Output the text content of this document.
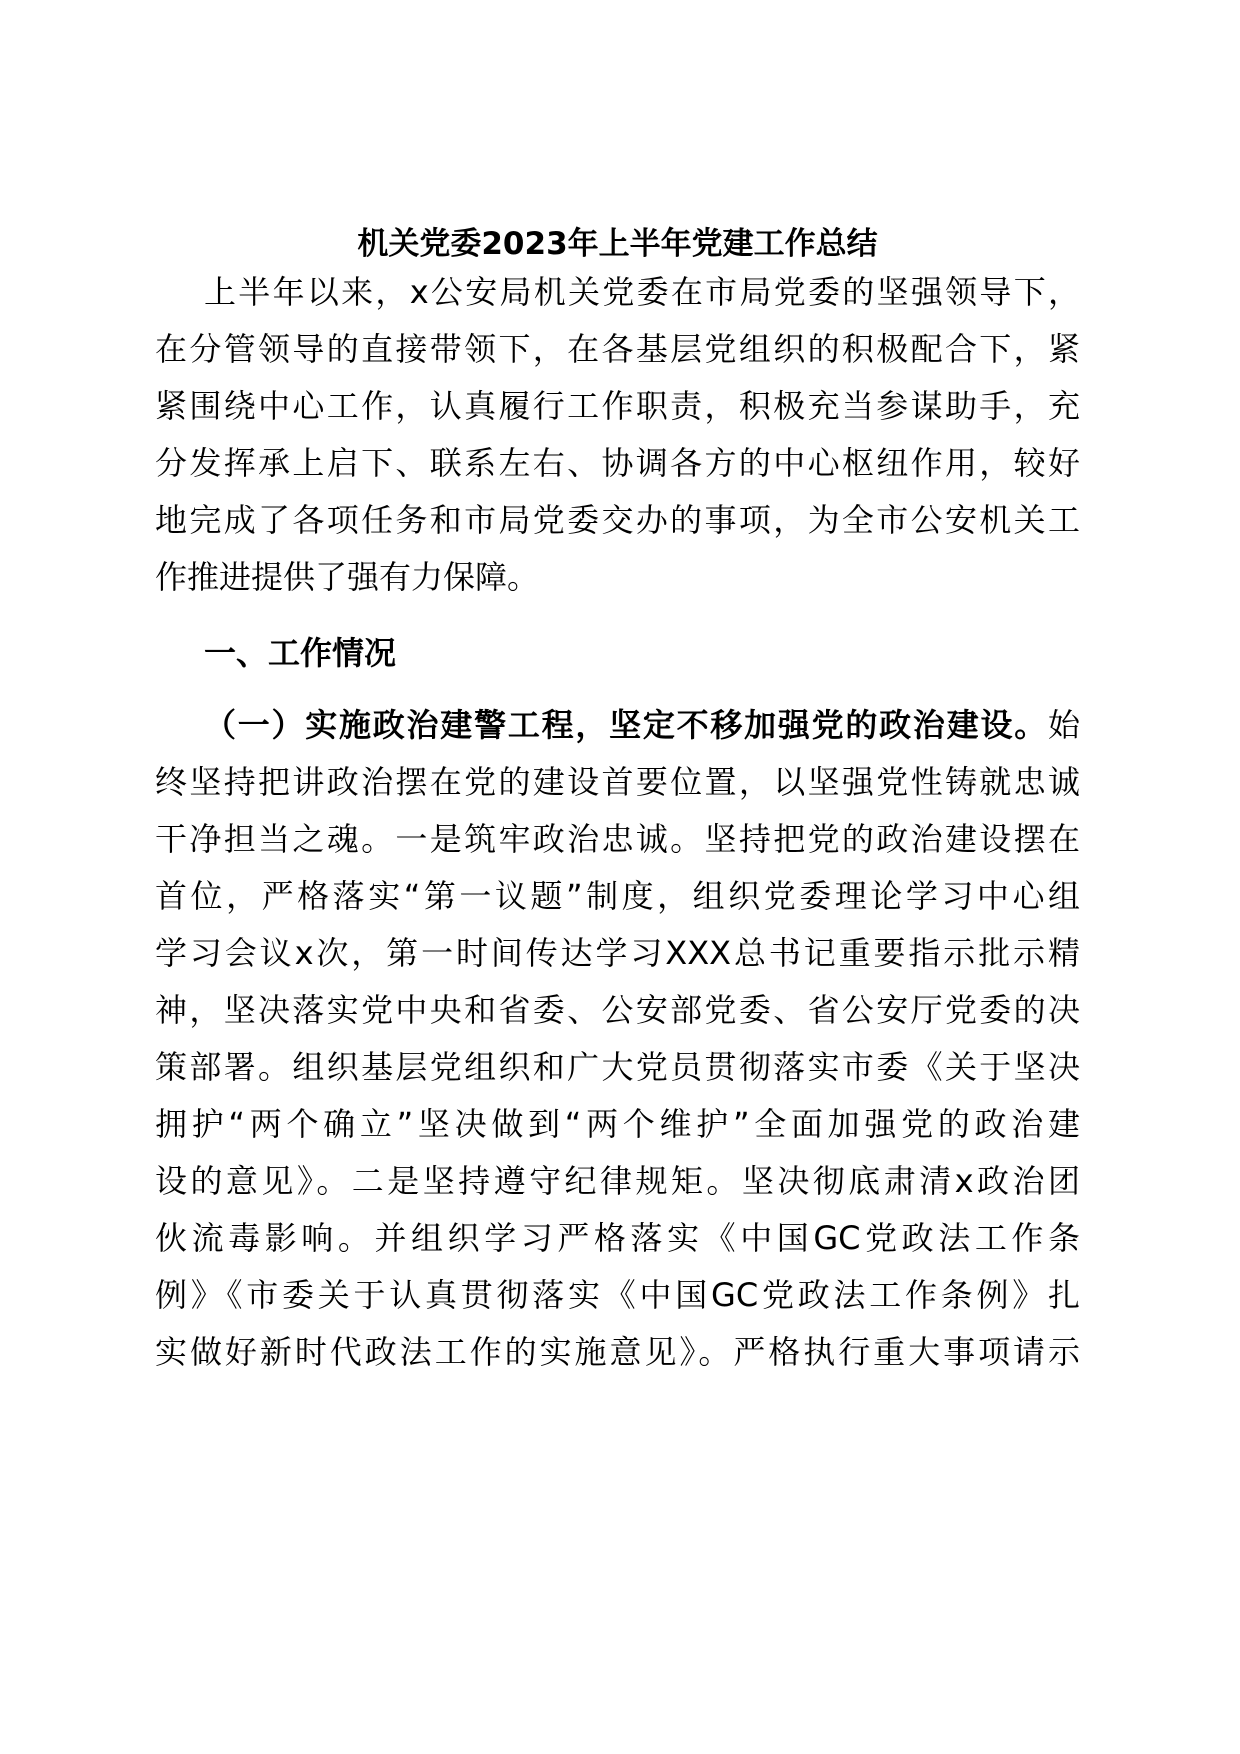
机关党委2023年上半年党建工作总结
上半年以来，x公安局机关党委在市局党委的坚强领导下，
在分管领导的直接带领下，在各基层党组织的积极配合下，紧
紧围绕中心工作，认真履行工作职责，积极充当参谋助手，充
分发挥承上启下、联系左右、协调各方的中心枢纽作用，较好
地完成了各项任务和市局党委交办的事项，为全市公安机关工
作推进提供了强有力保障。
一、工作情况
（一）实施政治建警工程，坚定不移加强党的政治建设。始
终坚持把讲政治摆在党的建设首要位置，以坚强党性铸就忠诚
干净担当之魂。一是筑牢政治忠诚。坚持把党的政治建设摆在
首位，严格落实“第一议题”制度，组织党委理论学习中心组
学习会议x次，第一时间传达学习XXX总书记重要指示批示精
神，坚决落实党中央和省委、公安部党委、省公安厅党委的决
策部署。组织基层党组织和广大党员贯彻落实市委《关于坚决
拥护“两个确立”坚决做到“两个维护”全面加强党的政治建
设的意见》。二是坚持遵守纪律规矩。坚决彻底肃清x政治团
伙流毒影响。并组织学习严格落实《中国GC党政法工作条
例》《市委关于认真贯彻落实《中国GC党政法工作条例》扎
实做好新时代政法工作的实施意见》。严格执行重大事项请示
